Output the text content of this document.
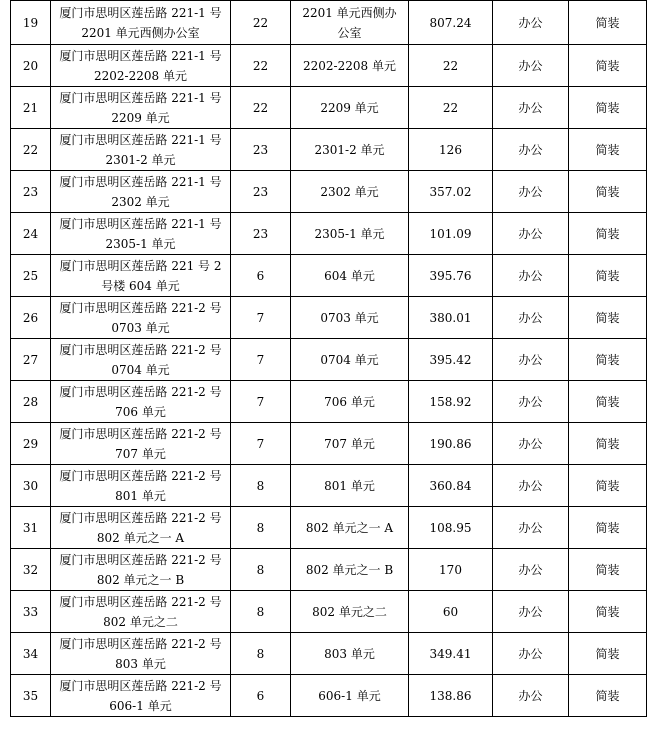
19	厦门市思明区莲岳路 221-1 号
2201 单元西侧办公室	22	2201 单元西侧办
公室	807.24	办公	简装
20	厦门市思明区莲岳路 221-1 号
2202-2208 单元	22	2202-2208 单元	22	办公	简装
21	厦门市思明区莲岳路 221-1 号
2209 单元	22	2209 单元	22	办公	简装
22	厦门市思明区莲岳路 221-1 号
2301-2 单元	23	2301-2 单元	126	办公	简装
23	厦门市思明区莲岳路 221-1 号
2302 单元	23	2302 单元	357.02	办公	简装
24	厦门市思明区莲岳路 221-1 号
2305-1 单元	23	2305-1 单元	101.09	办公	简装
25	厦门市思明区莲岳路 221 号 2
号楼 604 单元	6	604 单元	395.76	办公	简装
26	厦门市思明区莲岳路 221-2 号
0703 单元	7	0703 单元	380.01	办公	简装
27	厦门市思明区莲岳路 221-2 号
0704 单元	7	0704 单元	395.42	办公	简装
28	厦门市思明区莲岳路 221-2 号
706 单元	7	706 单元	158.92	办公	简装
29	厦门市思明区莲岳路 221-2 号
707 单元	7	707 单元	190.86	办公	简装
30	厦门市思明区莲岳路 221-2 号
801 单元	8	801 单元	360.84	办公	简装
31	厦门市思明区莲岳路 221-2 号
802 单元之一 A	8	802 单元之一 A	108.95	办公	简装
32	厦门市思明区莲岳路 221-2 号
802 单元之一 B	8	802 单元之一 B	170	办公	简装
33	厦门市思明区莲岳路 221-2 号
802 单元之二	8	802 单元之二	60	办公	简装
34	厦门市思明区莲岳路 221-2 号
803 单元	8	803 单元	349.41	办公	简装
35	厦门市思明区莲岳路 221-2 号
606-1 单元	6	606-1 单元	138.86	办公	简装
